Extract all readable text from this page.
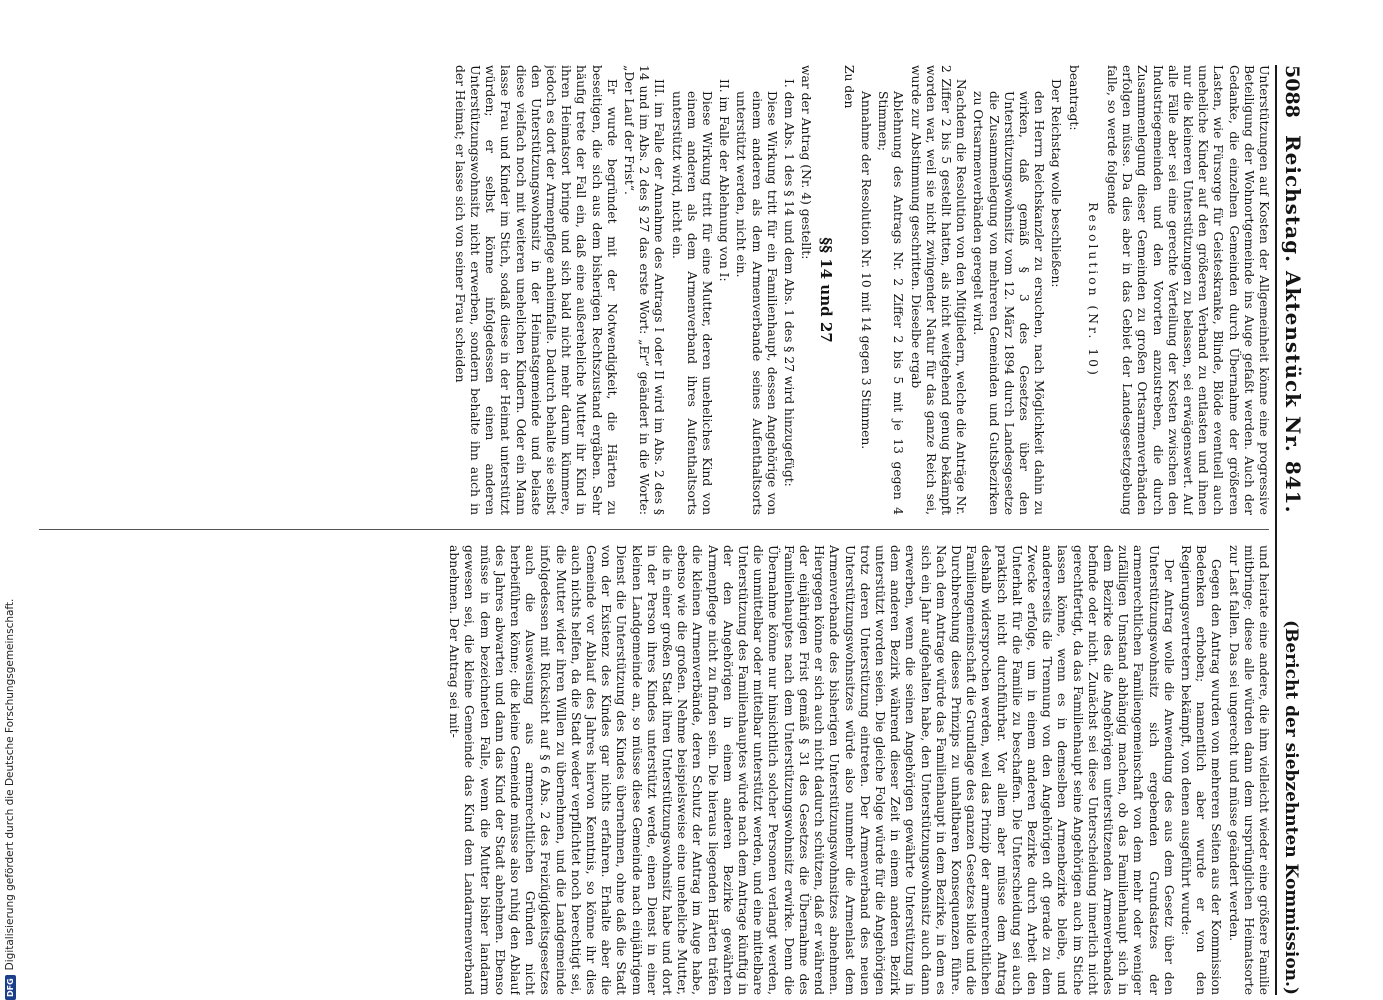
5088
Reichstag. Aktenstück Nr. 841.
(Bericht der siebzehnten Kommission.)

Unterstützungen auf Kosten der Allgemeinheit könne eine progressive Beteiligung der Wohnortgemeinde ins Auge gefaßt werden. Auch der Gedanke, die einzelnen Gemeinden durch Übernahme der größeren Lasten, wie Fürsorge für Geisteskranke, Blinde, Blöde eventuell auch uneheliche Kinder auf den größeren Verband zu entlasten und ihnen nur die kleineren Unterstützungen zu belassen, sei erwägenswert. Auf alle Fälle aber sei eine gerechte Verteilung der Kosten zwischen den Industriegemeinden und den Vororten anzustreben, die durch Zusammenlegung dieser Gemeinden zu großen Ortsarmenverbänden erfolgen müsse. Da dies aber in das Gebiet der Landesgesetzgebung falle, so werde folgende

Resolution (Nr. 10)

beantragt:

Der Reichstag wolle beschließen:

den Herrn Reichskanzler zu ersuchen, nach Möglichkeit dahin zu wirken, daß gemäß § 3 des Gesetzes über den Unterstützungswohnsitz vom 12. März 1894 durch Landesgesetze die Zusammenlegung von mehreren Gemeinden und Gutsbezirken zu Ortsarmenverbänden geregelt wird.

Nachdem die Resolution von den Mitgliedern, welche die Anträge Nr. 2 Ziffer 2 bis 5 gestellt hatten, als nicht weitgehend genug bekämpft worden war, weil sie nicht zwingender Natur für das ganze Reich sei, wurde zur Abstimmung geschritten. Dieselbe ergab

Ablehnung des Antrags Nr. 2 Ziffer 2 bis 5 mit je 13 gegen 4 Stimmen;

Annahme der Resolution Nr. 10 mit 14 gegen 3 Stimmen.

Zu den

§§ 14 und 27

war der Antrag (Nr. 4) gestellt:

I. dem Abs. 1 des § 14 und dem Abs. 1 des § 27 wird hinzugefügt:

Diese Wirkung tritt für ein Familienhaupt, dessen Angehörige von einem anderen als dem Armenverbande seines Aufenthaltsorts unterstützt werden, nicht ein.

II. im Falle der Ablehnung von I:

Diese Wirkung tritt für eine Mutter, deren uneheliches Kind von einem anderen als dem Armenverband ihres Aufenthaltsorts unterstützt wird, nicht ein.

III. im Falle der Annahme des Antrags I oder II wird im Abs. 2 des § 14 und im Abs. 2 des § 27 das erste Wort: „Er“ geändert in die Worte: „Der Lauf der Frist“.

Er wurde begründet mit der Notwendigkeit, die Härten zu beseitigen, die sich aus dem bisherigen Rechtszustand ergäben. Sehr häufig trete der Fall ein, daß eine außereheliche Mutter ihr Kind in ihren Heimatsort bringe und sich bald nicht mehr darum kümmere, jedoch es dort der Armenpflege anheimfalle. Dadurch behalte sie selbst den Unterstützungswohnsitz in der Heimatsgemeinde und belaste diese vielfach noch mit weiteren unehelichen Kindern. Oder ein Mann lasse Frau und Kinder im Stich, sodaß diese in der Heimat unterstützt würden; er selbst könne infolgedessen einen anderen Unterstützungswohnsitz nicht erwerben, sondern behalte ihn auch in der Heimat; er lasse sich von seiner Frau scheiden

und heirate eine andere, die ihm vielleicht wieder eine größere Familie mitbringe; diese alle würden dann dem ursprünglichen Heimatsorte zur Last fallen. Das sei ungerecht und müsse geändert werden.

Gegen den Antrag wurden von mehreren Seiten aus der Kommission Bedenken erhoben; namentlich aber wurde er von den Regierungsvertretern bekämpft, von denen ausgeführt wurde:

Der Antrag wolle die Anwendung des aus dem Gesetz über den Unterstützungswohnsitz sich ergebenden Grundsatzes der armenrechtlichen Familiengemeinschaft von dem mehr oder weniger zufälligen Umstand abhängig machen, ob das Familienhaupt sich in dem Bezirke des die Angehörigen unterstützenden Armenverbandes befinde oder nicht. Zunächst sei diese Unterscheidung innerlich nicht gerechtfertigt, da das Familienhaupt seine Angehörigen auch im Stiche lassen könne, wenn es in demselben Armenbezirke bleibe, und andererseits die Trennung von den Angehörigen oft gerade zu dem Zwecke erfolge, um in einem anderen Bezirke durch Arbeit den Unterhalt für die Familie zu beschaffen. Die Unterscheidung sei auch praktisch nicht durchführbar. Vor allem aber müsse dem Antrag deshalb widersprochen werden, weil das Prinzip der armenrechtlichen Familiengemeinschaft die Grundlage des ganzen Gesetzes bilde und die Durchbrechung dieses Prinzips zu unhaltbaren Konsequenzen führe. Nach dem Antrage würde das Familienhaupt in dem Bezirke, in dem es sich ein Jahr aufgehalten habe, den Unterstützungswohnsitz auch dann erwerben, wenn die seinen Angehörigen gewährte Unterstützung in dem anderen Bezirk während dieser Zeit in einem anderen Bezirk unterstützt worden seien. Die gleiche Folge würde für die Angehörigen trotz deren Unterstützung eintreten. Der Armenverband des neuen Unterstützungswohnsitzes würde also nunmehr die Armenlast dem Armenverbande des bisherigen Unterstützungswohnsitzes abnehmen. Hiergegen könne er sich auch nicht dadurch schützen, daß er während der einjährigen Frist gemäß § 31 des Gesetzes die Übernahme des Familienhauptes nach dem Unterstützungswohnsitz erwirke. Denn die Übernahme könne nur hinsichtlich solcher Personen verlangt werden, die unmittelbar oder mittelbar unterstützt werden, und eine mittelbare Unterstützung des Familienhauptes würde nach dem Antrage künftig in der den Angehörigen in einem anderen Bezirke gewährten Armenpflege nicht zu finden sein. Die hieraus liegenden Härten träfen die kleinen Armenverbände, deren Schutz der Antrag im Auge habe, ebenso wie die großen. Nehme beispielsweise eine uneheliche Mutter, die in einer großen Stadt ihren Unterstützungswohnsitz habe und dort in der Person ihres Kindes unterstützt werde, einen Dienst in einer kleinen Landgemeinde an, so müsse diese Gemeinde nach einjährigem Dienst die Unterstützung des Kindes übernehmen, ohne daß die Stadt von der Existenz des Kindes gar nichts erfahren. Erhalte aber die Gemeinde vor Ablauf des Jahres hiervon Kenntnis, so könne ihr dies auch nichts helfen, da die Stadt weder verpflichtet noch berechtigt sei, die Mutter wider ihren Willen zu übernehmen, und die Landgemeinde infolgedessen mit Rücksicht auf § 6 Abs. 2 des Freizügigkeitsgesetzes auch die Ausweisung aus armenrechtlichen Gründen nicht herbeiführen könne; die kleine Gemeinde müsse also ruhig den Ablauf des Jahres abwarten und dann das Kind der Stadt abnehmen. Ebenso müsse in dem bezeichneten Falle, wenn die Mutter bisher landarm gewesen sei, die kleine Gemeinde das Kind dem Landarmenverband abnehmen. Der Antrag sei mit-

DFGDigitalisierung gefördert durch die Deutsche Forschungsgemeinschaft.
